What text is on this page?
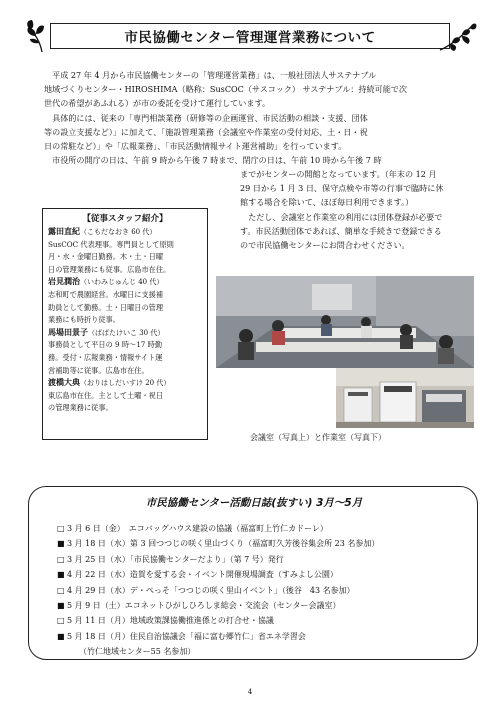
市民協働センター管理運営業務について

平成 27 年 4 月から市民協働センターの「管理運営業務」は、一般社団法人サステナブル

地域づくりセンター・HIROSHIMA（略称：SusCOC（サスコック） サステナブル：持続可能で次

世代の希望があふれる）が市の委託を受けて運行しています。

具体的には、従来の「専門相談業務（研修等の企画運営、市民活動の相談・支援、団体

等の設立支援など）」に加えて、「施設管理業務（会議室や作業室の受付対応、土・日・祝

日の常駐など）」や「広報業務」、「市民活動情報サイト運営補助」を行っています。

市役所の開庁の日は、午前 9 時から午後 7 時まで、閉庁の日は、午前 10 時から午後 7 時

までがセンターの開館となっています。（年末の 12 月

29 日から 1 月 3 日、保守点検や市等の行事で臨時に休

館する場合を除いて、ほぼ毎日利用できます。）

ただし、会議室と作業室の利用には団体登録が必要で

す。市民活動団体であれば、簡単な手続きで登録できる

ので市民協働センターにお問合わせください。

【従事スタッフ紹介】
露田直紀（こもだなおき 60 代）
SusCOC 代表理事。専門員として原則
月・水・金曜日勤務。木・土・日曜
日の管理業務にも従事。広島市在住。
岩見潤治（いわみじゅんじ 40 代）
志和町で農園経営。水曜日に支援補
助員として勤務。土・日曜日の管理
業務にも時折り従事。
馬場田景子（ばばたけいこ 30 代）
事務員として平日の 9 時〜17 時勤
務。受付・広報業務・情報サイト運
営補助等に従事。広島市在住。
渡橋大典（おりはしだいすけ 20 代）
東広島市在住。主として土曜・祝日
の管理業務に従事。
会議室（写真上）と作業室（写真下）
市民協働センター活動日誌(抜すい) 3月～5月
□ 3 月 6 日（金）　エコバッグハウス建設の協議（福富町上竹仁カドーレ）
■ 3 月 18 日（水）第 3 回つつじの咲く里山づくり（福富町久芳後谷集会所 23 名参加）
□ 3 月 25 日（水）「市民協働センターだより」（第 7 号）発行
■ 4 月 22 日（水）造賀を愛する会・イベント開催現場調査（すみよし公園）
□ 4 月 29 日（水）デ・ぺっそ「つつじの咲く里山イベント」（後谷　43 名参加）
■ 5 月 9 日（土）エコネットひがしひろしま総会・交流会（センター会議室）
□ 5 月 11 日（月）地域政策課協働推進係との打合せ・協議
■ 5 月 18 日（月）住民自治協議会「福に富む郷竹仁」省エネ学習会
　　（竹仁地域センター55 名参加）
4
